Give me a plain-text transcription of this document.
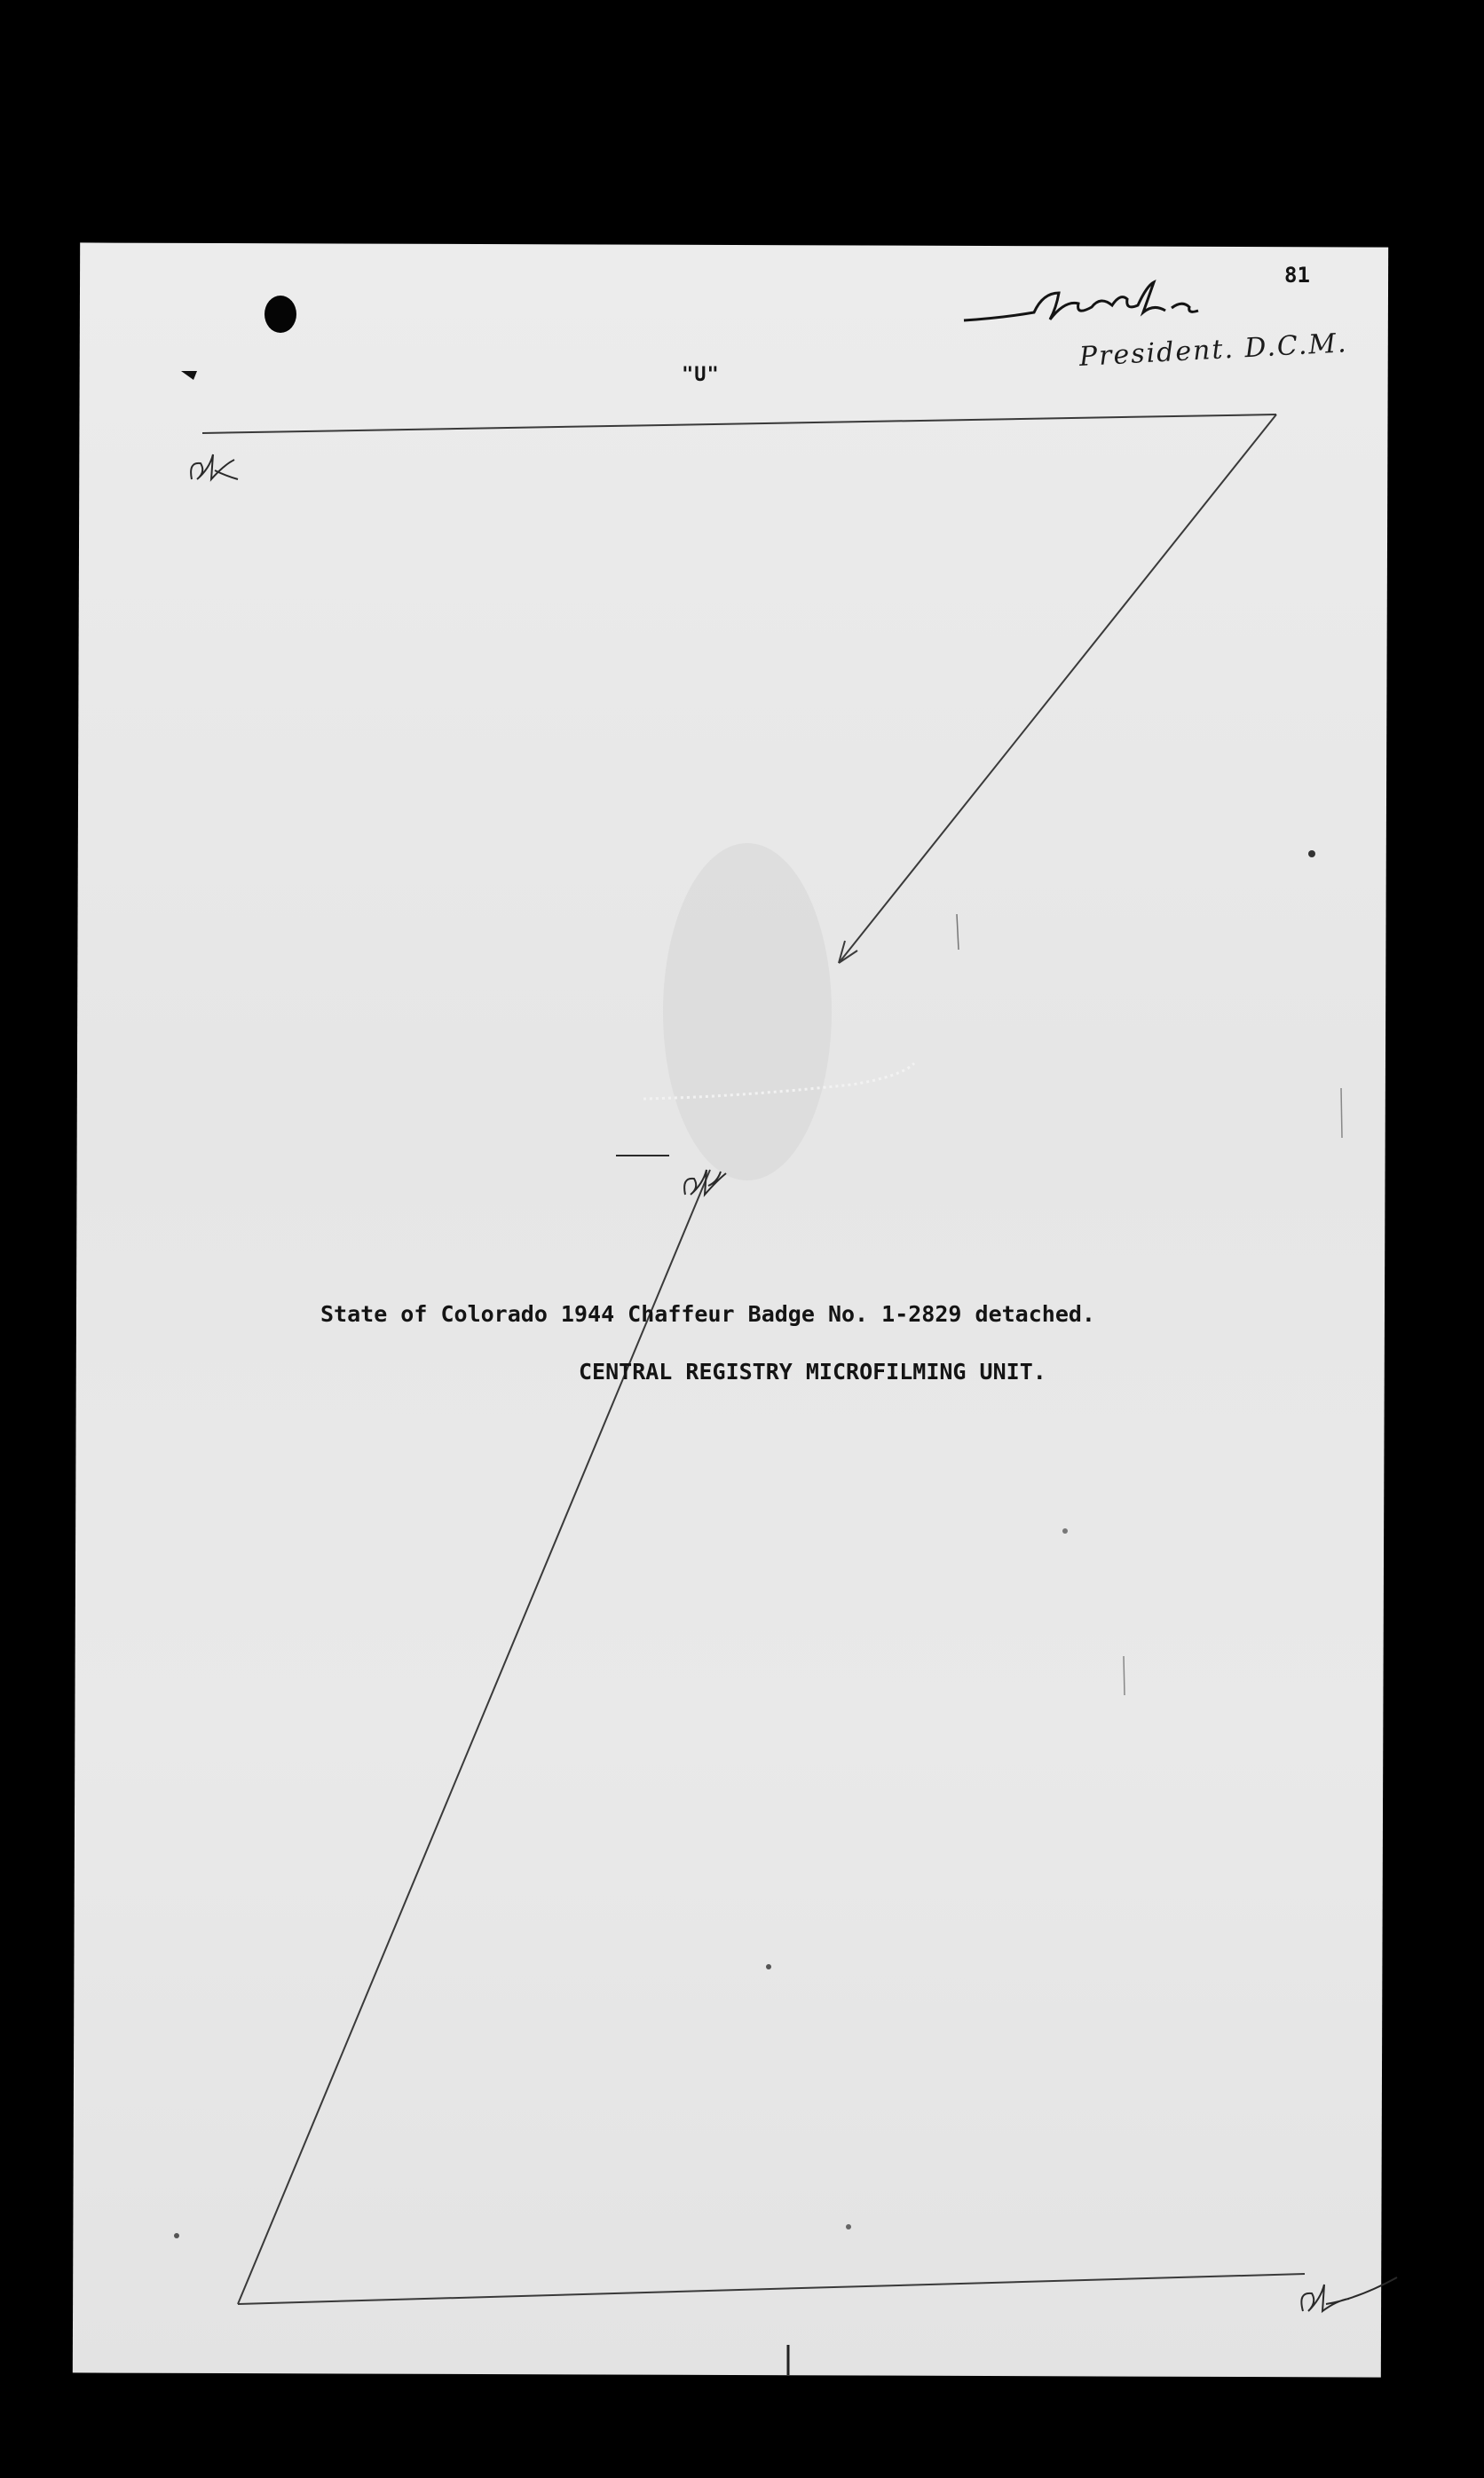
81
"U"
President. D.C.M.
State of Colorado 1944 Chaffeur Badge No. 1-2829 detached.
CENTRAL REGISTRY MICROFILMING UNIT.
